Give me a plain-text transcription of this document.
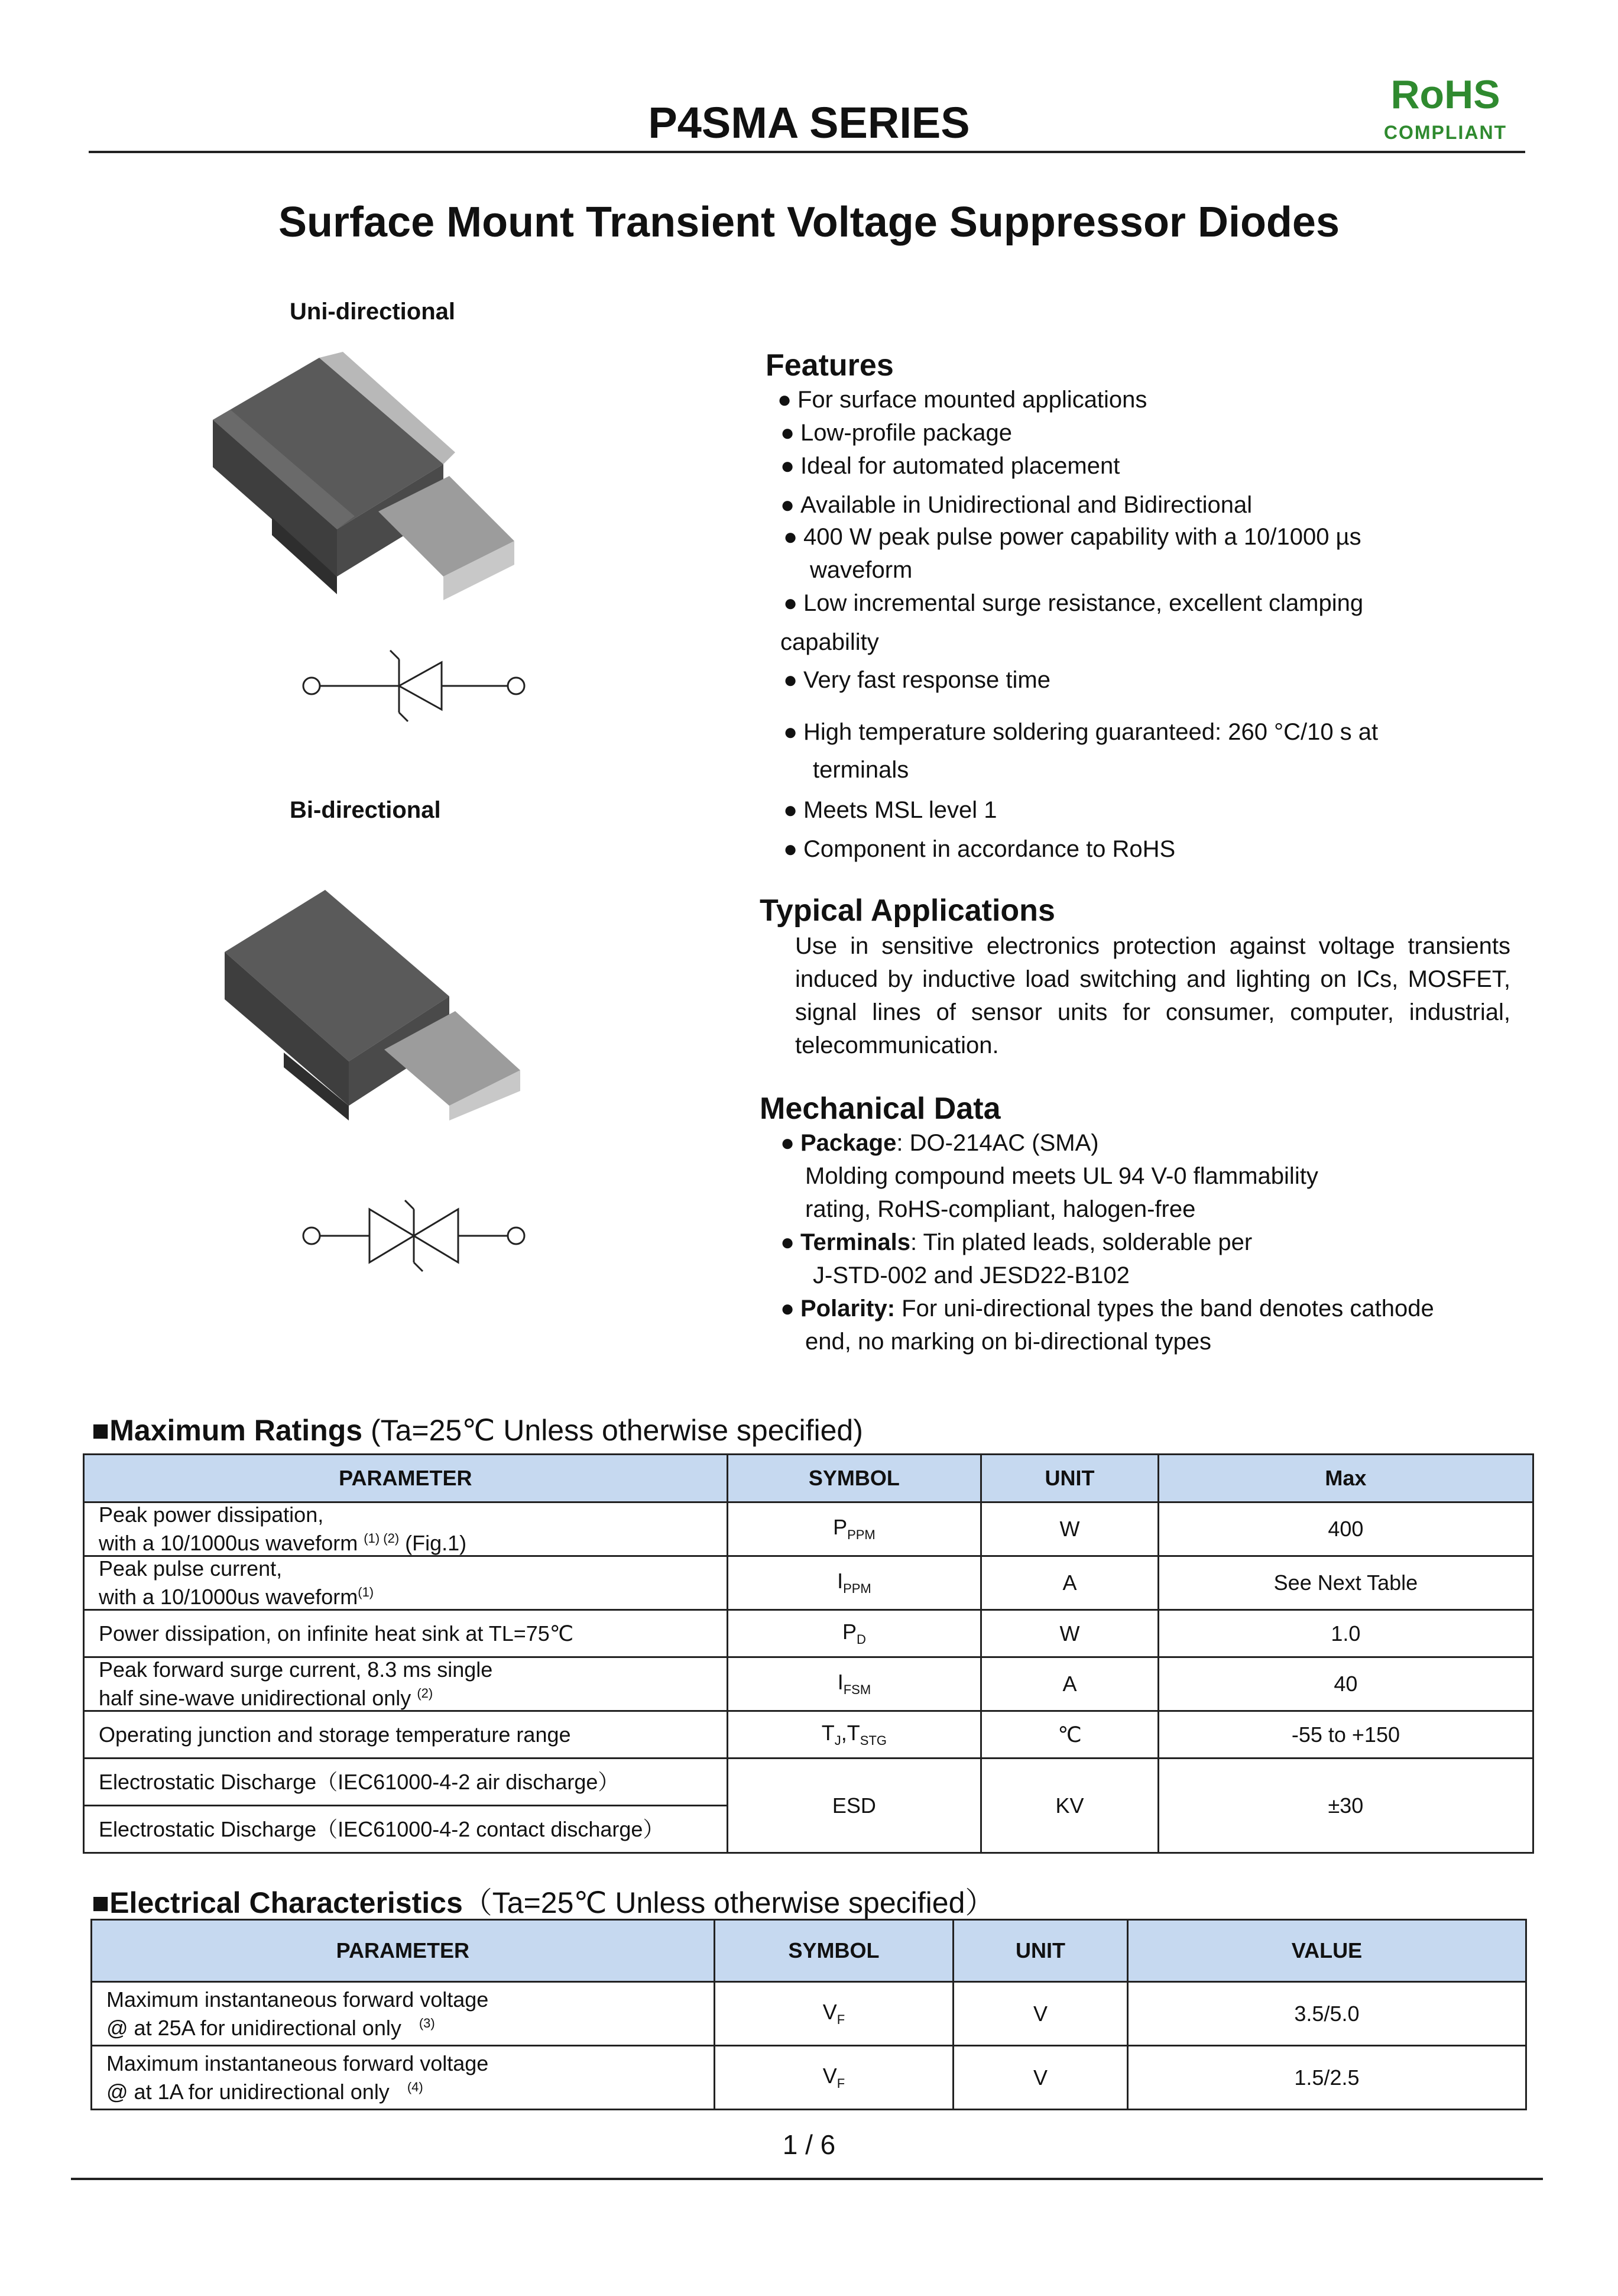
P4SMA SERIES
RoHS
COMPLIANT
Surface Mount Transient Voltage Suppressor Diodes
Uni-directional
Bi-directional
Features
● For surface mounted applications
● Low-profile package
● Ideal for automated placement
● Available in Unidirectional and Bidirectional
● 400 W peak pulse power capability with a 10/1000 µs
waveform
● Low incremental surge resistance, excellent clamping
capability
● Very fast response time
● High temperature soldering guaranteed: 260 °C/10 s at
terminals
● Meets MSL level 1
● Component in accordance to RoHS
Typical Applications
Use in sensitive electronics protection against voltage transients induced by inductive load switching and lighting on ICs, MOSFET, signal lines of sensor units for consumer, computer, industrial, telecommunication.
Mechanical Data
● Package: DO-214AC (SMA)
Molding compound meets UL 94 V-0 flammability
rating, RoHS-compliant, halogen-free
● Terminals: Tin plated leads, solderable per
J-STD-002 and JESD22-B102
● Polarity: For uni-directional types the band denotes cathode
end, no marking on bi-directional types
■Maximum Ratings (Ta=25℃ Unless otherwise specified)
PARAMETER	SYMBOL	UNIT	Max
Peak power dissipation,
with a 10/1000us waveform $^{(1) (2)}$ (Fig.1)	$P_{PPM}$	W	400
Peak pulse current,
with a 10/1000us waveform$^{(1)}$	$I_{PPM}$	A	See Next Table
Power dissipation, on infinite heat sink at TL=75℃	$P_D$	W	1.0
Peak forward surge current, 8.3 ms single
half sine-wave unidirectional only $^{(2)}$	$I_{FSM}$	A	40
Operating junction and storage temperature range	$T_J,T_{STG}$	℃	-55 to +150
Electrostatic Discharge（IEC61000-4-2 air discharge）	ESD	KV	±30
Electrostatic Discharge（IEC61000-4-2 contact discharge）			
■Electrical Characteristics（Ta=25℃ Unless otherwise specified）
PARAMETER	SYMBOL	UNIT	VALUE
Maximum instantaneous forward voltage
@ at 25A for unidirectional only $^{(3)}$	$V_F$	V	3.5/5.0
Maximum instantaneous forward voltage
@ at 1A for unidirectional only $^{(4)}$	$V_F$	V	1.5/2.5
1 / 6
